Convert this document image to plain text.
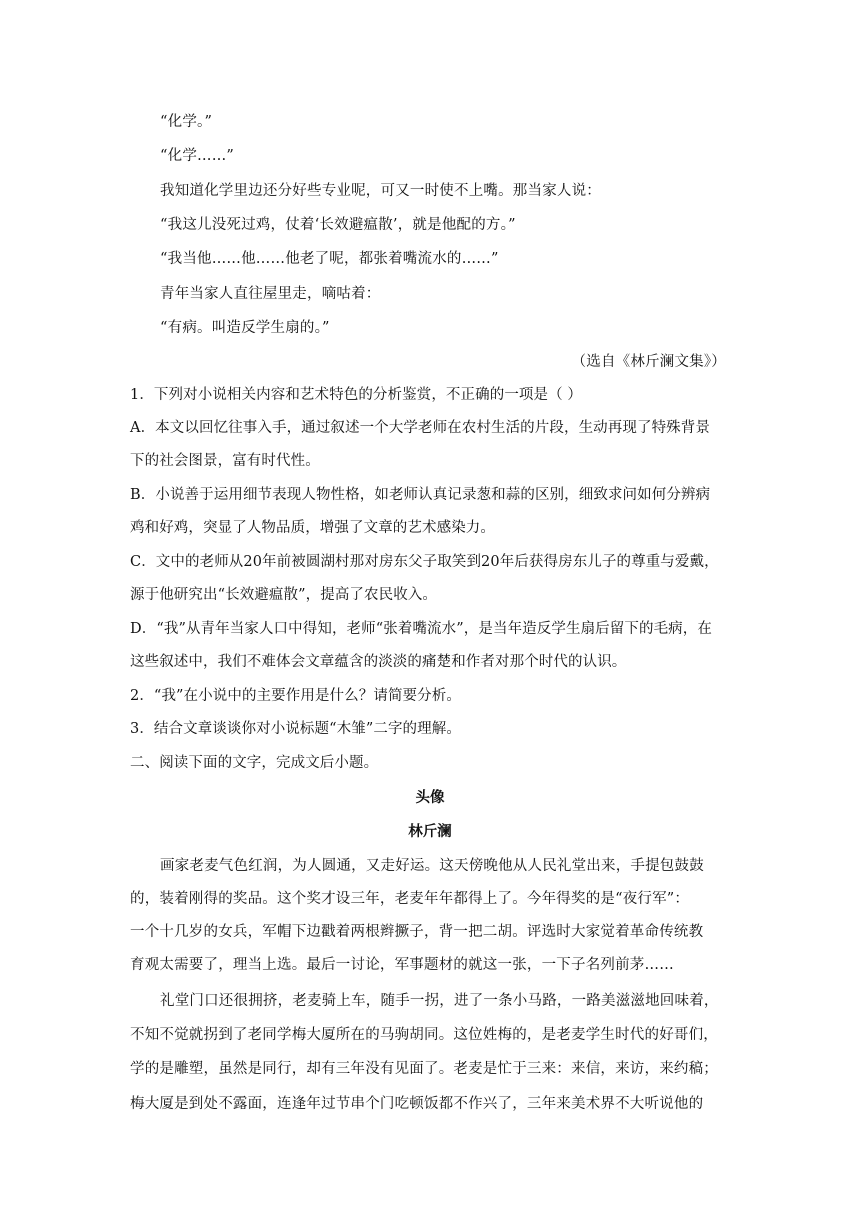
“化学。”
“化学……”
我知道化学里边还分好些专业呢，可又一时使不上嘴。那当家人说：
“我这儿没死过鸡，仗着‘长效避瘟散’，就是他配的方。”
“我当他……他……他老了呢，都张着嘴流水的……”
青年当家人直往屋里走，嘀咕着：
“有病。叫造反学生扇的。”
（选自《林斤澜文集》）
1．下列对小说相关内容和艺术特色的分析鉴赏，不正确的一项是（ ）
A．本文以回忆往事入手，通过叙述一个大学老师在农村生活的片段，生动再现了特殊背景
下的社会图景，富有时代性。
B．小说善于运用细节表现人物性格，如老师认真记录葱和蒜的区别，细致求问如何分辨病
鸡和好鸡，突显了人物品质，增强了文章的艺术感染力。
C．文中的老师从20年前被圆湖村那对房东父子取笑到20年后获得房东儿子的尊重与爱戴，
源于他研究出“长效避瘟散”，提高了农民收入。
D．“我”从青年当家人口中得知，老师“张着嘴流水”，是当年造反学生扇后留下的毛病，在
这些叙述中，我们不难体会文章蕴含的淡淡的痛楚和作者对那个时代的认识。
2．“我”在小说中的主要作用是什么？请简要分析。
3．结合文章谈谈你对小说标题“木雏”二字的理解。
二、阅读下面的文字，完成文后小题。
头像
林斤澜
画家老麦气色红润，为人圆通，又走好运。这天傍晚他从人民礼堂出来，手提包鼓鼓
的，装着刚得的奖品。这个奖才设三年，老麦年年都得上了。今年得奖的是“夜行军”：
一个十几岁的女兵，军帽下边戳着两根辫撅子，背一把二胡。评选时大家觉着革命传统教
育观太需要了，理当上选。最后一讨论，军事题材的就这一张，一下子名列前茅……
礼堂门口还很拥挤，老麦骑上车，随手一拐，进了一条小马路，一路美滋滋地回味着，
不知不觉就拐到了老同学梅大厦所在的马驹胡同。这位姓梅的，是老麦学生时代的好哥们，
学的是雕塑，虽然是同行，却有三年没有见面了。老麦是忙于三来：来信，来访，来约稿；
梅大厦是到处不露面，连逢年过节串个门吃顿饭都不作兴了，三年来美术界不大听说他的
